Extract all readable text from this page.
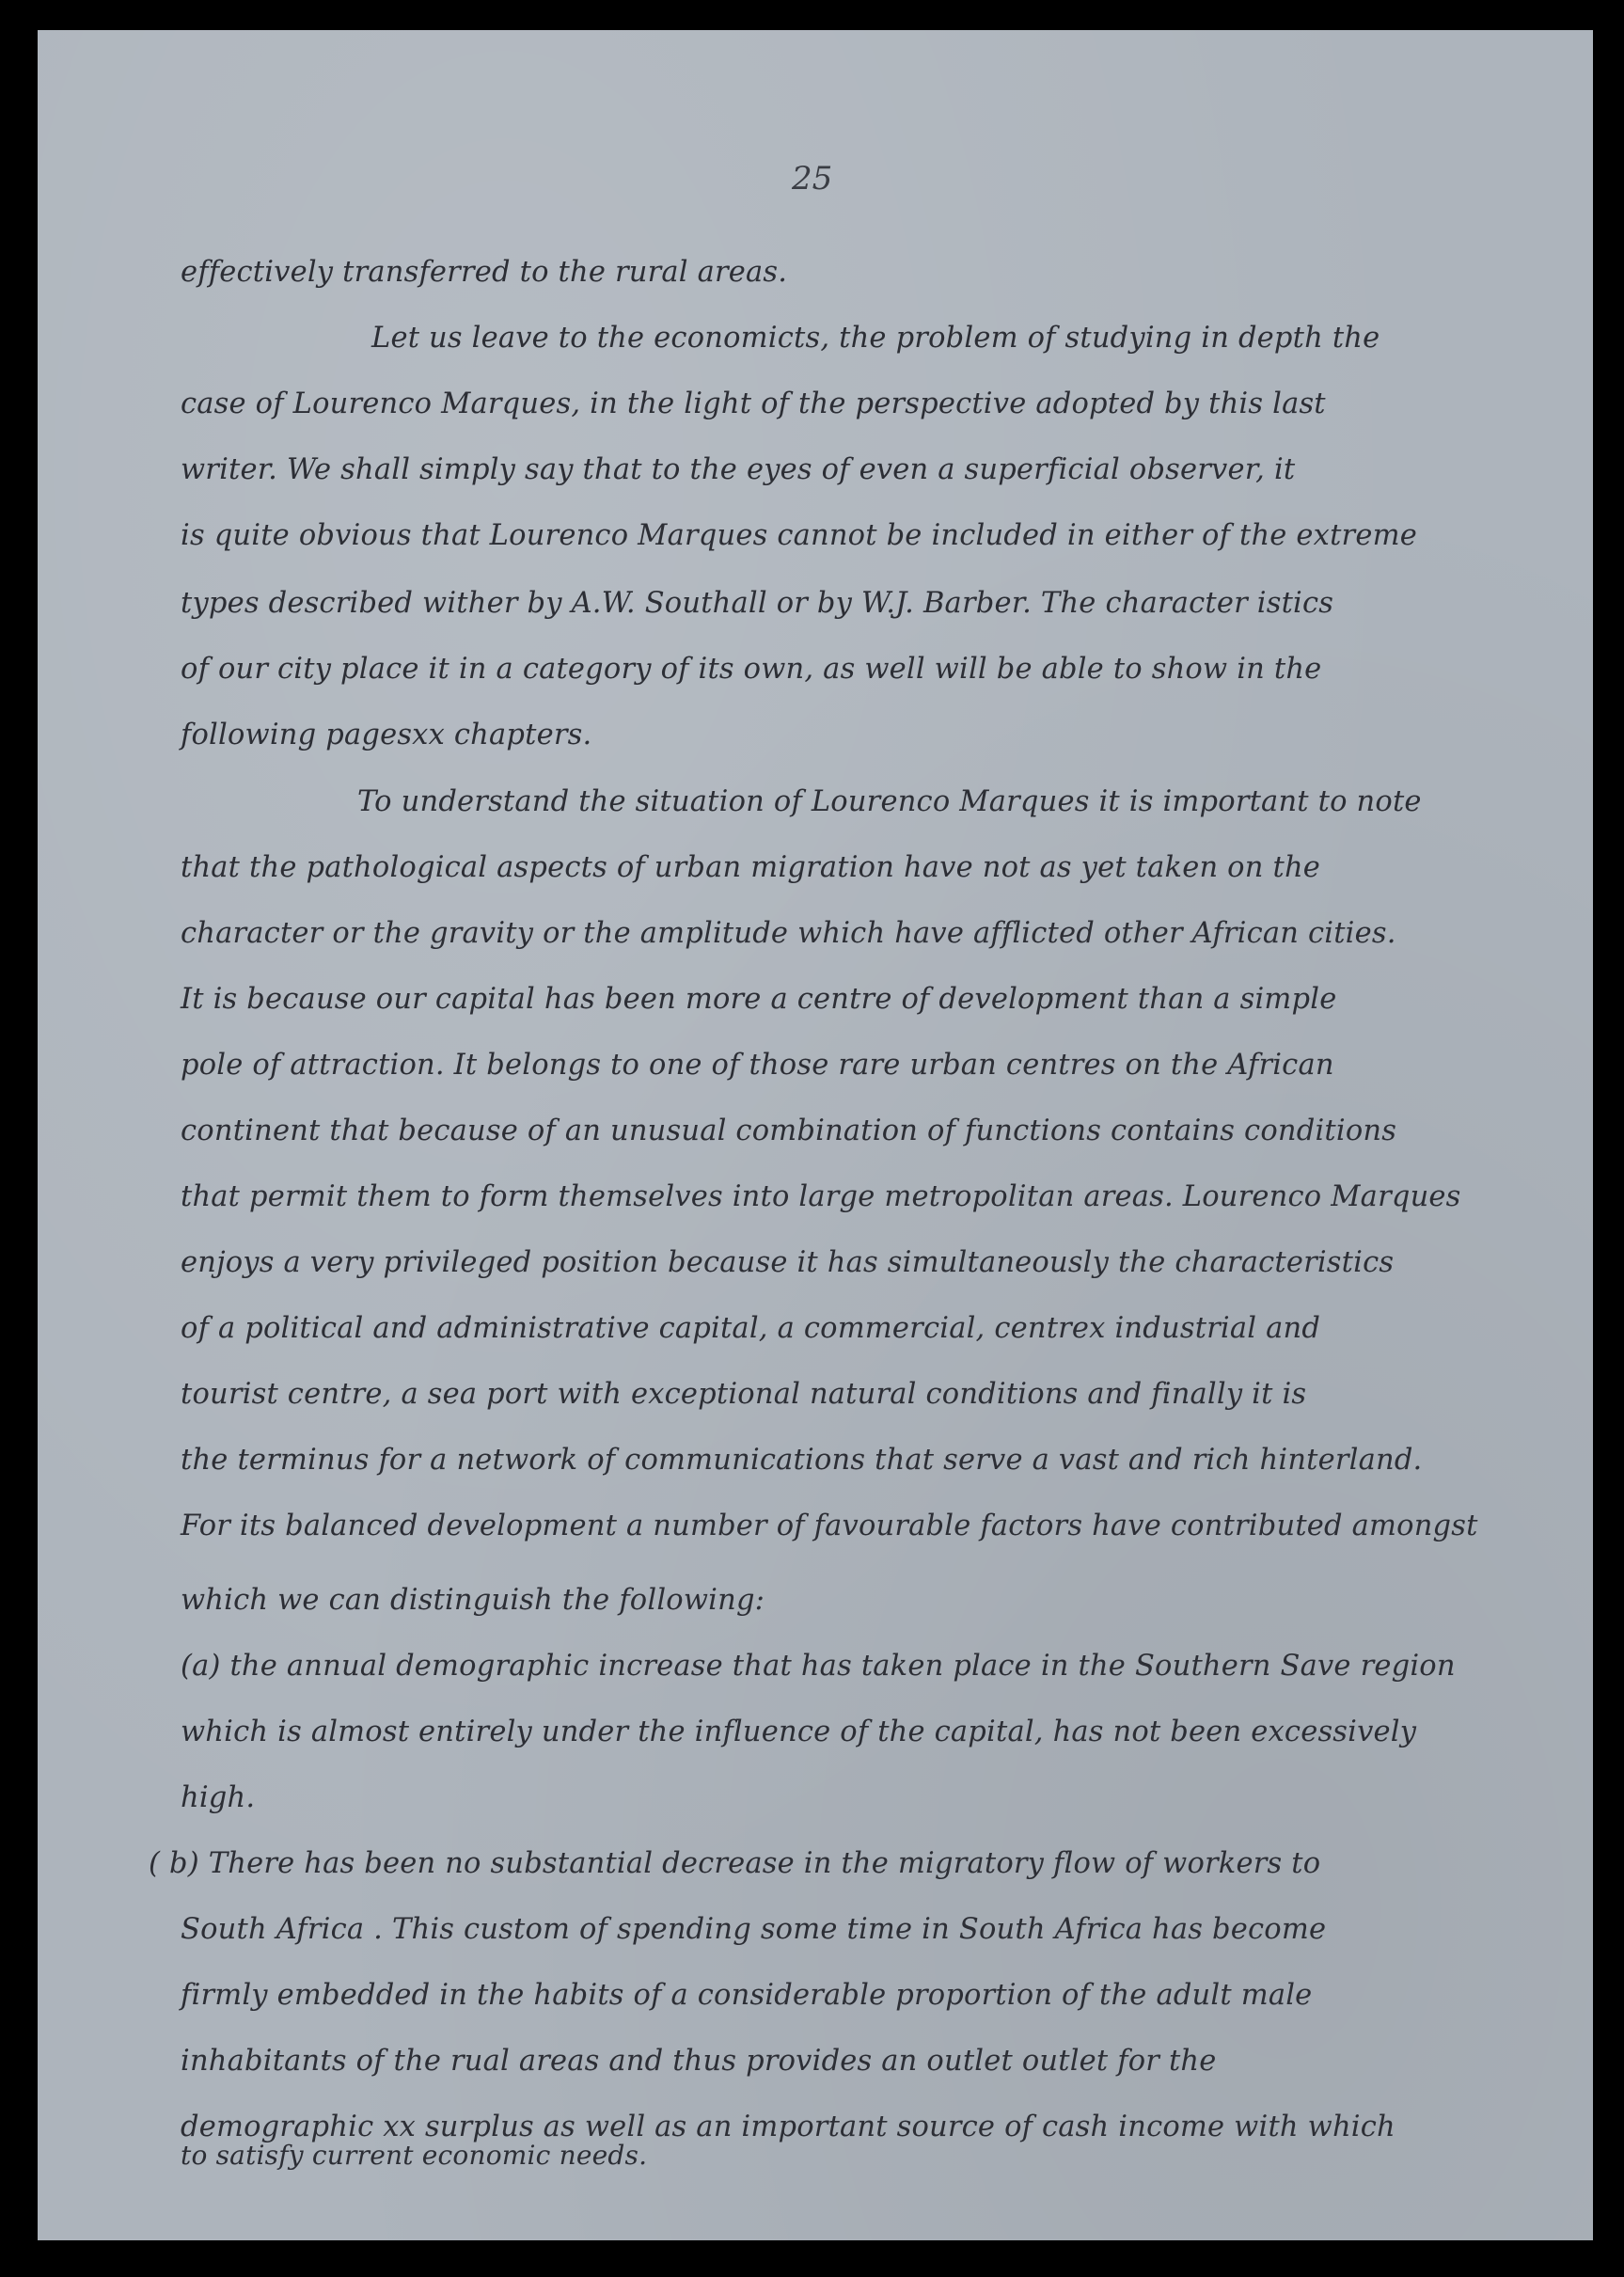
25
effectively transferred to the rural areas.
Let us leave to the economicts, the problem of studying in depth the
case of Lourenco Marques, in the light of the perspective adopted by this last
writer. We shall simply say that to the eyes of even a superficial observer, it
is quite obvious that Lourenco Marques cannot be included in either of the extreme
types described wither by A.W. Southall or by W.J. Barber. The character istics
of our city place it in a category of its own, as well will be able to show in the
following pagesxx chapters.
To understand the situation of Lourenco Marques it is important to note
that the pathological aspects of urban migration have not as yet taken on the
character or the gravity or the amplitude which have afflicted other African cities.
It is because our capital has been more a centre of development than a simple
pole of attraction. It belongs to one of those rare urban centres on the African
continent that because of an unusual combination of functions contains conditions
that permit them to form themselves into large metropolitan areas. Lourenco Marques
enjoys a very privileged position because it has simultaneously the characteristics
of a political and administrative capital, a commercial, centrex industrial and
tourist centre, a sea port with exceptional natural conditions and finally it is
the terminus for a network of communications that serve a vast and rich hinterland.
For its balanced development a number of favourable factors have contributed amongst
which we can distinguish the following:
(a) the annual demographic increase that has taken place in the Southern Save region
which is almost entirely under the influence of the capital, has not been excessively
high.
( b) There has been no substantial decrease in the migratory flow of workers to
South Africa . This custom of spending some time in South Africa has become
firmly embedded in the habits of a considerable proportion of the adult male
inhabitants of the rual areas and thus provides an outlet outlet for the
demographic xx surplus as well as an important source of cash income with which
to satisfy current economic needs.
